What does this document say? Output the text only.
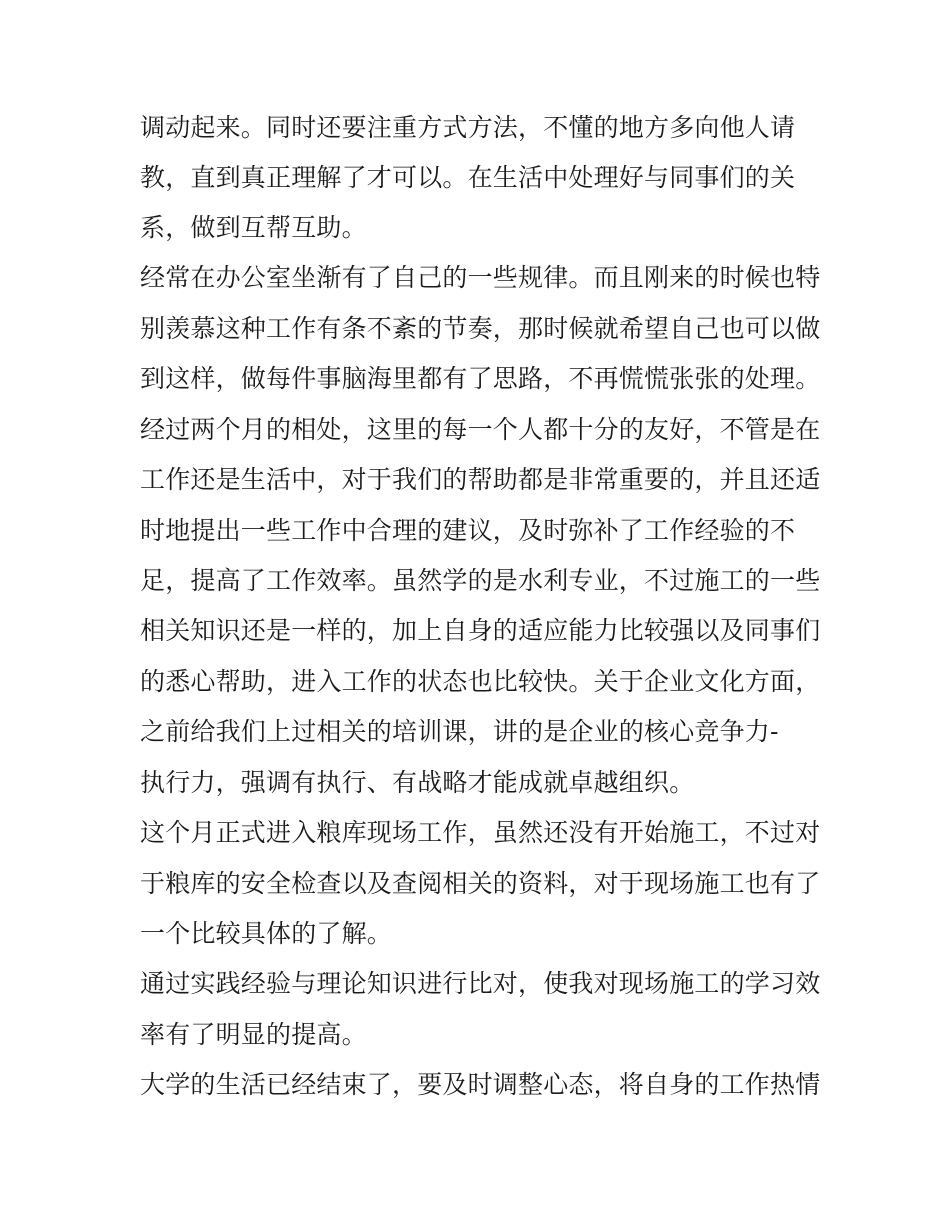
调动起来。同时还要注重方式方法，不懂的地方多向他人请
教，直到真正理解了才可以。在生活中处理好与同事们的关
系，做到互帮互助。
经常在办公室坐渐有了自己的一些规律。而且刚来的时候也特
别羡慕这种工作有条不紊的节奏，那时候就希望自己也可以做
到这样，做每件事脑海里都有了思路，不再慌慌张张的处理。
经过两个月的相处，这里的每一个人都十分的友好，不管是在
工作还是生活中，对于我们的帮助都是非常重要的，并且还适
时地提出一些工作中合理的建议，及时弥补了工作经验的不
足，提高了工作效率。虽然学的是水利专业，不过施工的一些
相关知识还是一样的，加上自身的适应能力比较强以及同事们
的悉心帮助，进入工作的状态也比较快。关于企业文化方面，
之前给我们上过相关的培训课，讲的是企业的核心竞争力-
执行力，强调有执行、有战略才能成就卓越组织。
这个月正式进入粮库现场工作，虽然还没有开始施工，不过对
于粮库的安全检查以及查阅相关的资料，对于现场施工也有了
一个比较具体的了解。
通过实践经验与理论知识进行比对，使我对现场施工的学习效
率有了明显的提高。
大学的生活已经结束了，要及时调整心态，将自身的工作热情
